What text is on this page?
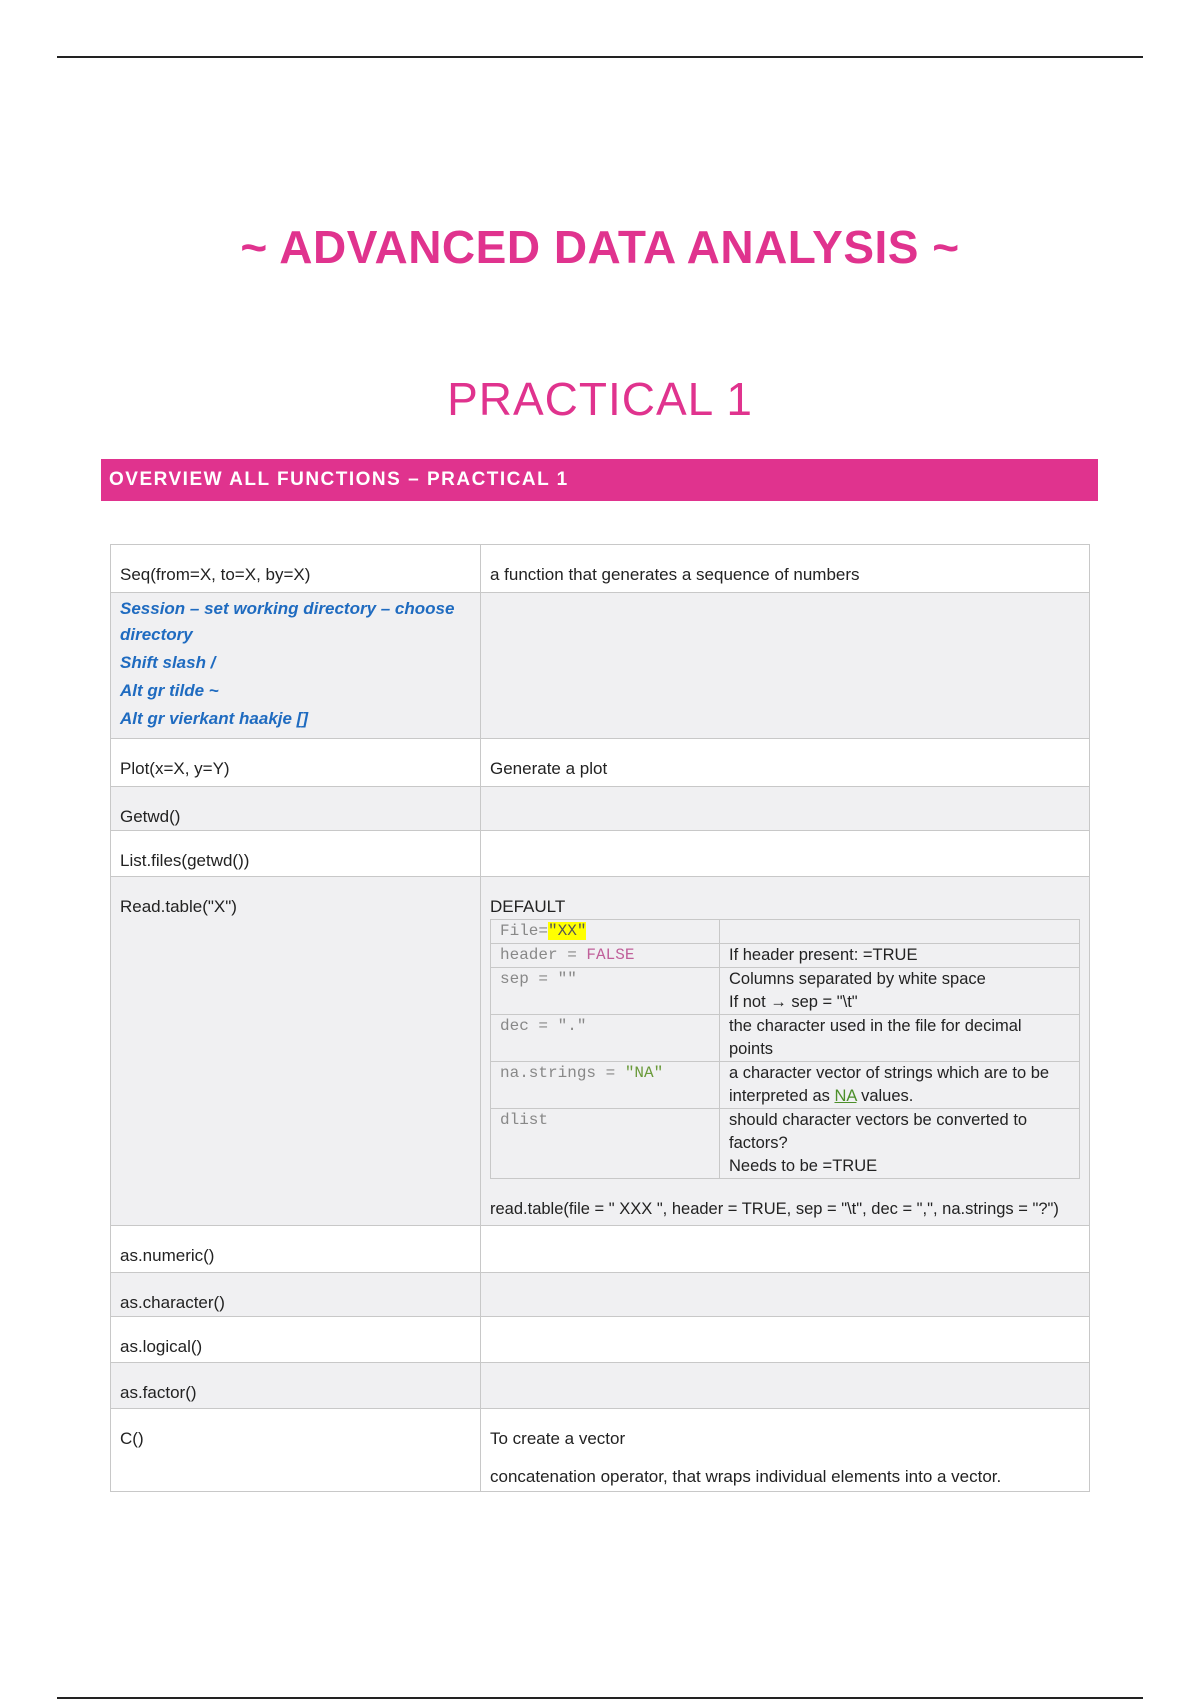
~ ADVANCED DATA ANALYSIS ~
PRACTICAL 1
OVERVIEW ALL FUNCTIONS – PRACTICAL 1
Seq(from=X, to=X, by=X)	a function that generates a sequence of numbers

Session – set working directory – choose directory
Shift slash /
Alt gr tilde ~
Alt gr vierkant haakje []

Plot(x=X, y=Y)	Generate a plot

Getwd()

List.files(getwd())

Read.table("X")	DEFAULT
File="XX"	
header = FALSE	If header present: =TRUE
sep = ""	Columns separated by white space
If not → sep = "\t"

dec = "."	the character used in the file for decimal points
na.strings = "NA"	a character vector of strings which are to be interpreted as NA values.
dlist	should character vectors be converted to factors?
Needs to be =TRUE
read.table(file = " XXX ", header = TRUE, sep = "\t", dec = ",", na.strings = "?")

as.numeric()

as.character()

as.logical()

as.factor()

C()	To create a vector
concatenation operator, that wraps individual elements into a vector.
